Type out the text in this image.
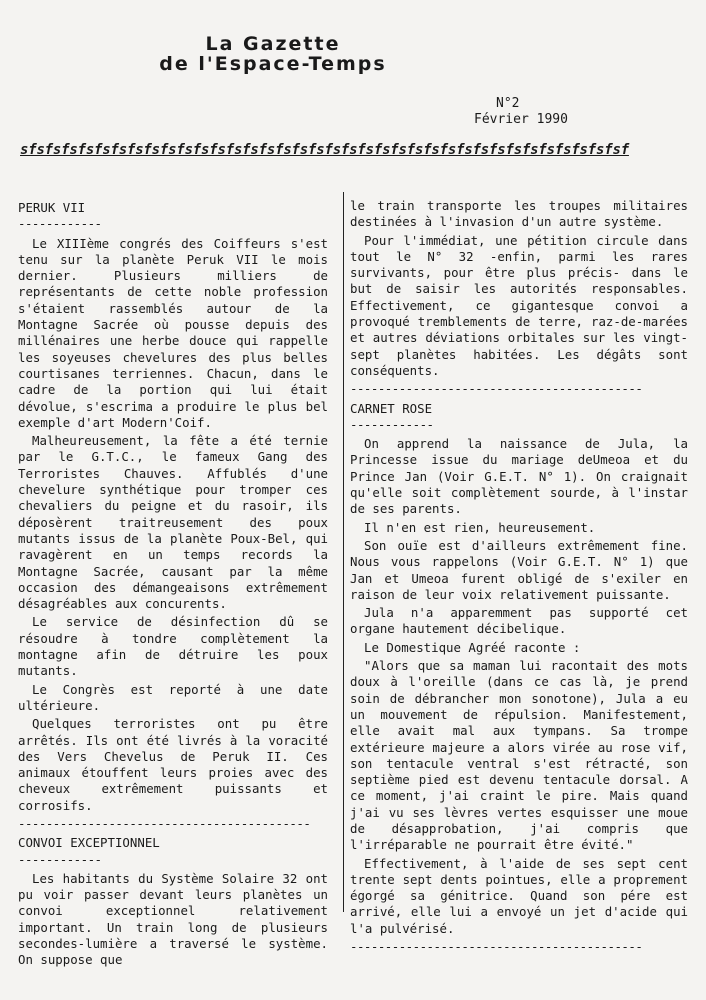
La Gazette
de l'Espace-Temps
N°2
Février 1990
sfsfsfsfsfsfsfsfsfsfsfsfsfsfsfsfsfsfsfsfsfsfsfsfsfsfsfsfsfsfsfsfsfsfsfsfsf
PERUK VII
------------

Le XIIIème congrés des Coiffeurs s'est tenu sur la planète Peruk VII le mois dernier. Plusieurs milliers de représentants de cette noble profession s'étaient rassemblés autour de la Montagne Sacrée où pousse depuis des millénaires une herbe douce qui rappelle les soyeuses chevelures des plus belles courtisanes terriennes. Chacun, dans le cadre de la portion qui lui était dévolue, s'escrima a produire le plus bel exemple d'art Modern'Coif.

Malheureusement, la fête a été ternie par le G.T.C., le fameux Gang des Terroristes Chauves. Affublés d'une chevelure synthétique pour tromper ces chevaliers du peigne et du rasoir, ils déposèrent traitreusement des poux mutants issus de la planète Poux-Bel, qui ravagèrent en un temps records la Montagne Sacrée, causant par la même occasion des démangeaisons extrêmement désagréables aux concurents.

Le service de désinfection dû se résoudre à tondre complètement la montagne afin de détruire les poux mutants.

Le Congrès est reporté à une date ultérieure.

Quelques terroristes ont pu être arrêtés. Ils ont été livrés à la voracité des Vers Chevelus de Peruk II. Ces animaux étouffent leurs proies avec des cheveux extrêmement puissants et corrosifs.

------------------------------------------
CONVOI EXCEPTIONNEL
------------

Les habitants du Système Solaire 32 ont pu voir passer devant leurs planètes un convoi exceptionnel relativement important. Un train long de plusieurs secondes-lumière a traversé le système. On suppose que

le train transporte les troupes militaires destinées à l'invasion d'un autre système.

Pour l'immédiat, une pétition circule dans tout le N° 32 -enfin, parmi les rares survivants, pour être plus précis- dans le but de saisir les autorités responsables. Effectivement, ce gigantesque convoi a provoqué tremblements de terre, raz-de-marées et autres déviations orbitales sur les vingt-sept planètes habitées. Les dégâts sont conséquents.

------------------------------------------
CARNET ROSE
------------

On apprend la naissance de Jula, la Princesse issue du mariage deUmeoa et du Prince Jan (Voir G.E.T. N° 1). On craignait qu'elle soit complètement sourde, à l'instar de ses parents.

Il n'en est rien, heureusement.

Son ouïe est d'ailleurs extrêmement fine. Nous vous rappelons (Voir G.E.T. N° 1) que Jan et Umeoa furent obligé de s'exiler en raison de leur voix relativement puissante.

Jula n'a apparemment pas supporté cet organe hautement décibelique.

Le Domestique Agréé raconte :

"Alors que sa maman lui racontait des mots doux à l'oreille (dans ce cas là, je prend soin de débrancher mon sonotone), Jula a eu un mouvement de répulsion. Manifestement, elle avait mal aux tympans. Sa trompe extérieure majeure a alors virée au rose vif, son tentacule ventral s'est rétracté, son septième pied est devenu tentacule dorsal. A ce moment, j'ai craint le pire. Mais quand j'ai vu ses lèvres vertes esquisser une moue de désapprobation, j'ai compris que l'irréparable ne pourrait être évité."

Effectivement, à l'aide de ses sept cent trente sept dents pointues, elle a proprement égorgé sa génitrice. Quand son pére est arrivé, elle lui a envoyé un jet d'acide qui l'a pulvérisé.

------------------------------------------
